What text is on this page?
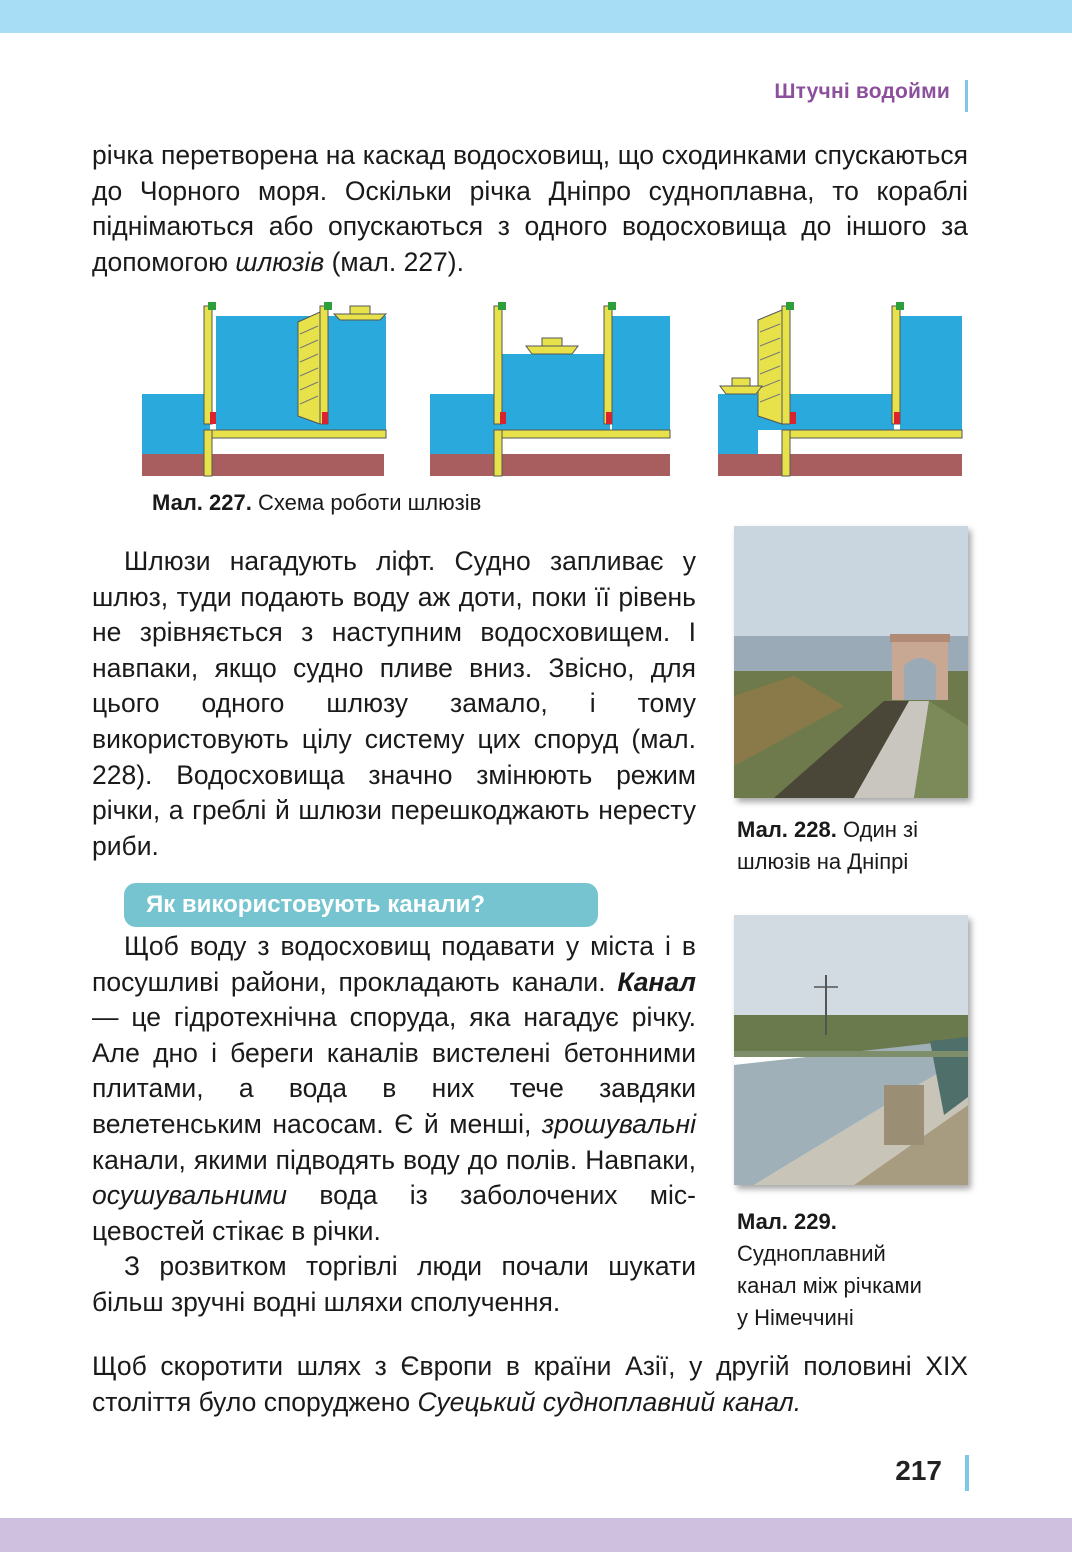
Штучні водойми

річка перетворена на каскад водосховищ, що сходинками спускаються до Чорного моря. Оскільки річка Дніпро судноплавна, то кораблі піднімаються або опускаються з одного водосховища до іншого за допомогою шлюзів (мал. 227).

Мал. 227. Схема роботи шлюзів

Шлюзи нагадують ліфт. Судно запливає у шлюз, туди подають воду аж доти, поки її рівень не зрівняється з наступним водосховищем. І навпаки, якщо судно пливе вниз. Звісно, для цього одного шлюзу замало, і тому використовують цілу систему цих споруд (мал. 228). Водосховища значно змінюють режим річки, а греблі й шлюзи перешкоджають нересту риби.

Мал. 228. Один зі шлюзів на Дніпрі
Як використовують канали?

Щоб воду з водосховищ подавати у міста і в посушливі райони, прокладають канали. Канал — це гідротехнічна споруда, яка нагадує річку. Але дно і береги каналів вистелені бетонними плитами, а вода в них тече завдяки велетенським насосам. Є й менші, зрошувальні канали, якими підводять воду до полів. Навпаки, осушувальними вода із заболочених місцевостей стікає в річки.

З розвитком торгівлі люди почали шукати більш зручні водні шляхи сполучення.

Мал. 229.
Судноплавний
канал між річками
у Німеччині

Щоб скоротити шлях з Європи в країни Азії, у другій половині XIX століття було споруджено Суецький судноплавний канал.

217
